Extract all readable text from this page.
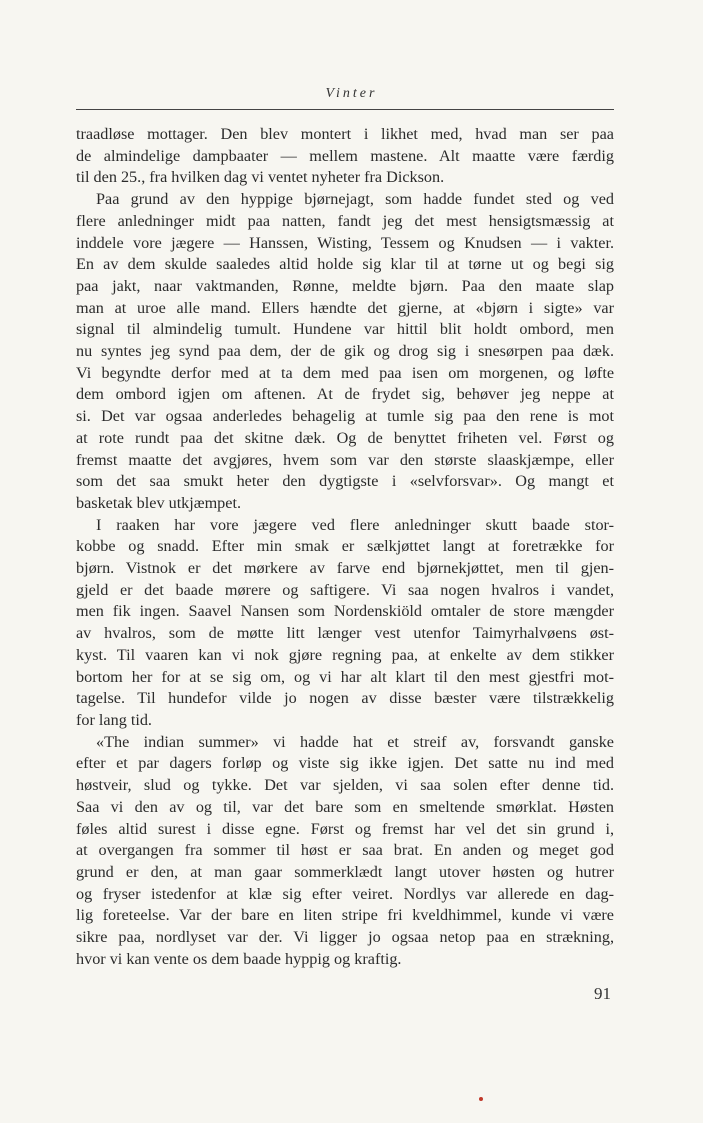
Vinter
traadløse mottager. Den blev montert i likhet med, hvad man ser paa
de almindelige dampbaater — mellem mastene. Alt maatte være færdig
til den 25., fra hvilken dag vi ventet nyheter fra Dickson.
Paa grund av den hyppige bjørnejagt, som hadde fundet sted og ved
flere anledninger midt paa natten, fandt jeg det mest hensigtsmæssig at
inddele vore jægere — Hanssen, Wisting, Tessem og Knudsen — i vakter.
En av dem skulde saaledes altid holde sig klar til at tørne ut og begi sig
paa jakt, naar vaktmanden, Rønne, meldte bjørn. Paa den maate slap
man at uroe alle mand. Ellers hændte det gjerne, at «bjørn i sigte» var
signal til almindelig tumult. Hundene var hittil blit holdt ombord, men
nu syntes jeg synd paa dem, der de gik og drog sig i snesørpen paa dæk.
Vi begyndte derfor med at ta dem med paa isen om morgenen, og løfte
dem ombord igjen om aftenen. At de frydet sig, behøver jeg neppe at
si. Det var ogsaa anderledes behagelig at tumle sig paa den rene is mot
at rote rundt paa det skitne dæk. Og de benyttet friheten vel. Først og
fremst maatte det avgjøres, hvem som var den største slaaskjæmpe, eller
som det saa smukt heter den dygtigste i «selvforsvar». Og mangt et
basketak blev utkjæmpet.
I raaken har vore jægere ved flere anledninger skutt baade stor-
kobbe og snadd. Efter min smak er sælkjøttet langt at foretrække for
bjørn. Vistnok er det mørkere av farve end bjørnekjøttet, men til gjen-
gjeld er det baade mørere og saftigere. Vi saa nogen hvalros i vandet,
men fik ingen. Saavel Nansen som Nordenskiöld omtaler de store mængder
av hvalros, som de møtte litt længer vest utenfor Taimyrhalvøens øst-
kyst. Til vaaren kan vi nok gjøre regning paa, at enkelte av dem stikker
bortom her for at se sig om, og vi har alt klart til den mest gjestfri mot-
tagelse. Til hundefor vilde jo nogen av disse bæster være tilstrækkelig
for lang tid.
«The indian summer» vi hadde hat et streif av, forsvandt ganske
efter et par dagers forløp og viste sig ikke igjen. Det satte nu ind med
høstveir, slud og tykke. Det var sjelden, vi saa solen efter denne tid.
Saa vi den av og til, var det bare som en smeltende smørklat. Høsten
føles altid surest i disse egne. Først og fremst har vel det sin grund i,
at overgangen fra sommer til høst er saa brat. En anden og meget god
grund er den, at man gaar sommerklædt langt utover høsten og hutrer
og fryser istedenfor at klæ sig efter veiret. Nordlys var allerede en dag-
lig foreteelse. Var der bare en liten stripe fri kveldhimmel, kunde vi være
sikre paa, nordlyset var der. Vi ligger jo ogsaa netop paa en strækning,
hvor vi kan vente os dem baade hyppig og kraftig.
91
